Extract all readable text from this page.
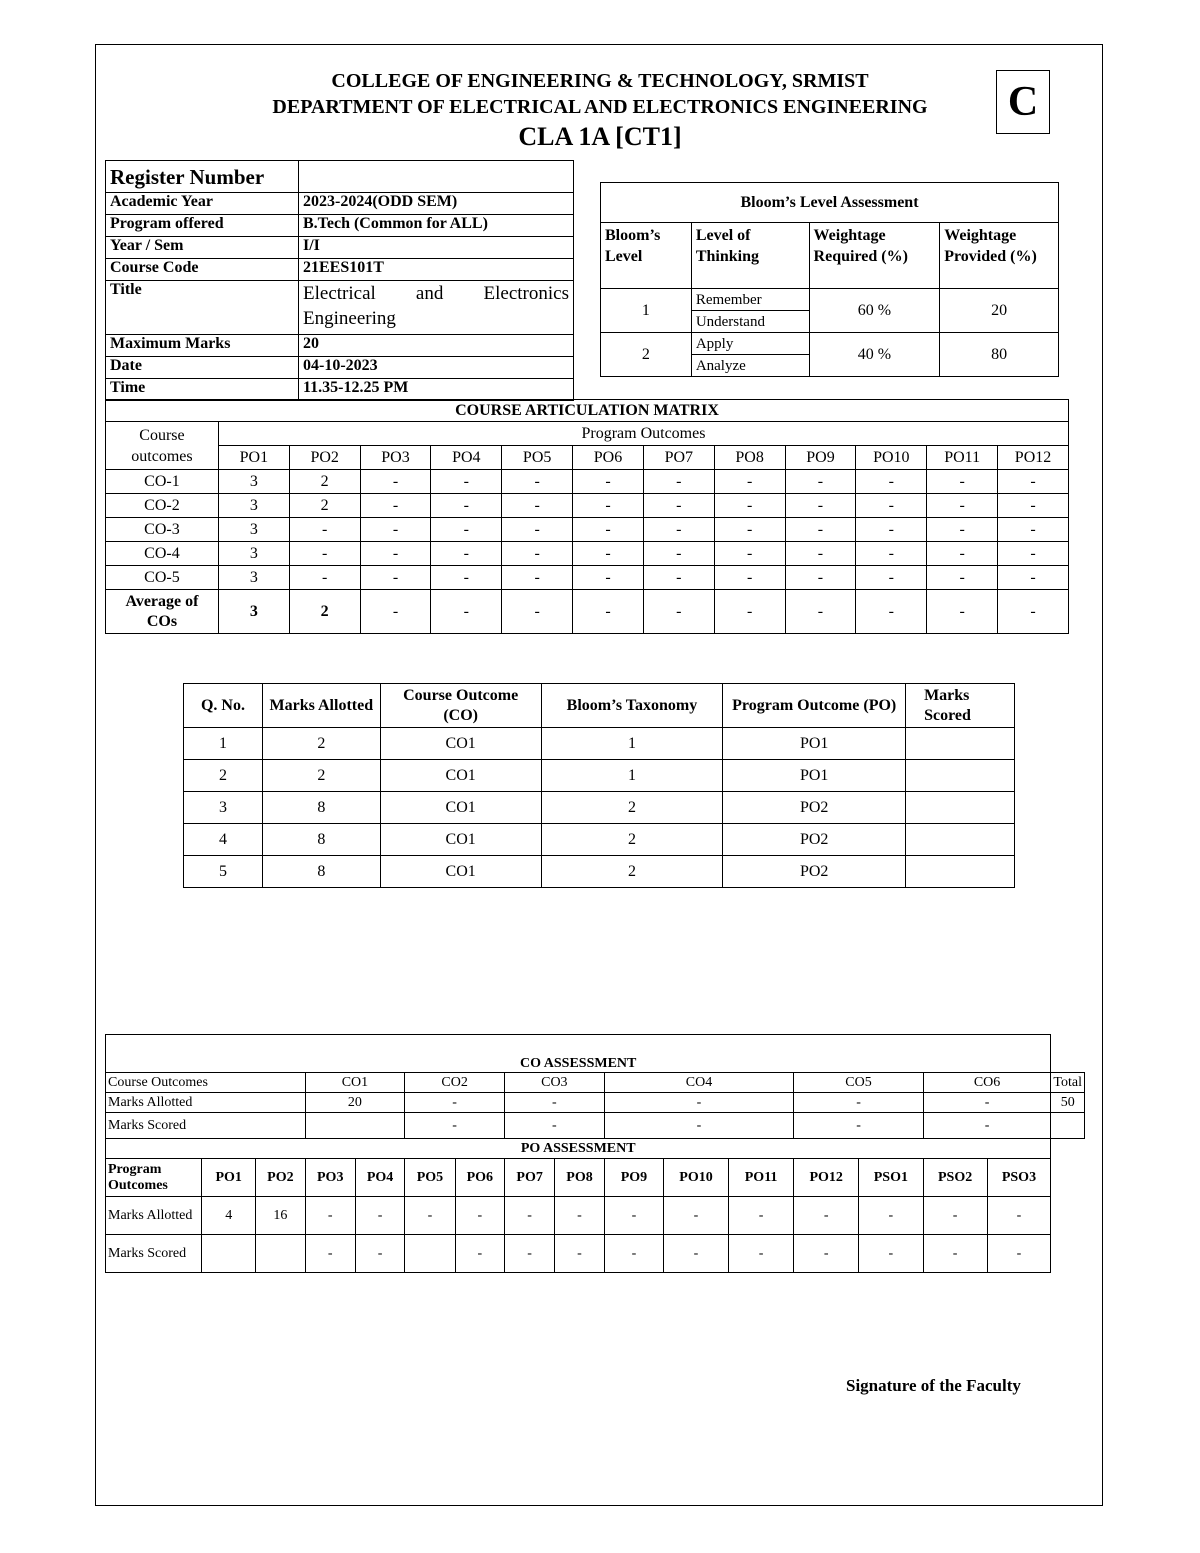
COLLEGE OF ENGINEERING & TECHNOLOGY, SRMIST
DEPARTMENT OF ELECTRICAL AND ELECTRONICS ENGINEERING
CLA 1A [CT1]
C
Register Number	
Academic Year	2023-2024(ODD SEM)
Program offered	B.Tech (Common for ALL)
Year / Sem	I/I
Course Code	21EES101T
Title	Electrical and Electronics Engineering
Maximum Marks	20
Date	04-10-2023
Time	11.35-12.25 PM
Bloom’s Level Assessment			
Bloom’s Level	Level of Thinking	Weightage Required (%)	Weightage Provided (%)
1	Remember	60 %	20
	Understand		
2	Apply	40 %	80
	Analyze		
COURSE ARTICULATION MATRIX												
Course outcomes	Program Outcomes											
	PO1	PO2	PO3	PO4	PO5	PO6	PO7	PO8	PO9	PO10	PO11	PO12
CO-1	3	2	-	-	-	-	-	-	-	-	-	-
CO-2	3	2	-	-	-	-	-	-	-	-	-	-
CO-3	3	-	-	-	-	-	-	-	-	-	-	-
CO-4	3	-	-	-	-	-	-	-	-	-	-	-
CO-5	3	-	-	-	-	-	-	-	-	-	-	-
Average of COs	3	2	-	-	-	-	-	-	-	-	-	-
Q. No.	Marks Allotted	Course Outcome (CO)	Bloom’s Taxonomy	Program Outcome (PO)	Marks Scored
1	2	CO1	1	PO1	
2	2	CO1	1	PO1	
3	8	CO1	2	PO2	
4	8	CO1	2	PO2	
5	8	CO1	2	PO2	
CO ASSESSMENT																
Course Outcomes			CO1		CO2		CO3		CO4			CO5		CO6		Total
Marks Allotted			20		-		-		-			-		-		50
Marks Scored					-		-		-			-		-		
PO ASSESSMENT																
Program Outcomes	PO1	PO2	PO3	PO4	PO5	PO6	PO7	PO8	PO9	PO10	PO11	PO12	PSO1	PSO2	PSO3	
Marks Allotted	4	16	-	-	-	-	-	-	-	-	-	-	-	-	-	
Marks Scored			-	-		-	-	-	-	-	-	-	-	-	-	
Signature of the Faculty
